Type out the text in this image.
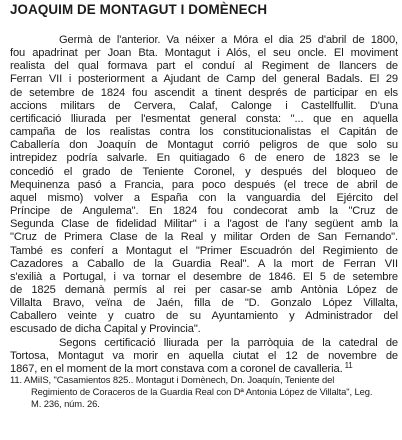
JOAQUIM DE MONTAGUT I DOMÈNECH
Germà de l'anterior. Va néixer a Móra el dia 25 d'abril de 1800,
fou apadrinat per Joan Bta. Montagut i Alós, el seu oncle. El moviment
realista del qual formava part el conduí al Regiment de llancers de
Ferran VII i posteriorment a Ajudant de Camp del general Badals. El 29
de setembre de 1824 fou ascendit a tinent després de participar en els
accions militars de Cervera, Calaf, Calonge i Castellfullit. D'una
certificació lliurada per l'esmentat general consta: "... que en aquella
campaña de los realistas contra los constitucionalistas el Capitán de
Caballería don Joaquín de Montagut corrió peligros de que solo su
intrepidez podría salvarle. En quitiagado 6 de enero de 1823 se le
concedió el grado de Teniente Coronel, y después del bloqueo de
Mequinenza pasó a Francia, para poco después (el trece de abril de
aquel mismo) volver a España con la vanguardia del Ejército del
Príncipe de Angulema". En 1824 fou condecorat amb la "Cruz de
Segunda Clase de fidelidad Militar" i a l'agost de l'any següent amb la
"Cruz de Primera Clase de la Real y militar Orden de San Fernando".
També es conferí a Montagut el "Primer Escuadrón del Regimiento de
Cazadores a Caballo de la Guardia Real". A la mort de Ferran VII
s'exilià a Portugal, i va tornar el desembre de 1846. El 5 de setembre
de 1825 demanà permís al rei per casar-se amb Antònia López de
Villalta Bravo, veïna de Jaén, filla de "D. Gonzalo López Villalta,
Caballero veinte y cuatro de su Ayuntamiento y Administrador del
escusado de dicha Capital y Provincia".
Segons certificació lliurada per la parròquia de la catedral de
Tortosa, Montagut va morir en aquella ciutat el 12 de novembre de
1867, en el moment de la mort constava com a coronel de cavalleria. $^{11}$
11. AMiIS, "Casamientos 825.. Montagut i Domènech, Dn. Joaquín, Teniente del
Regimiento de Coraceros de la Guardia Real con Dª Antonia López de Villalta", Leg.
M. 236, núm. 26.
